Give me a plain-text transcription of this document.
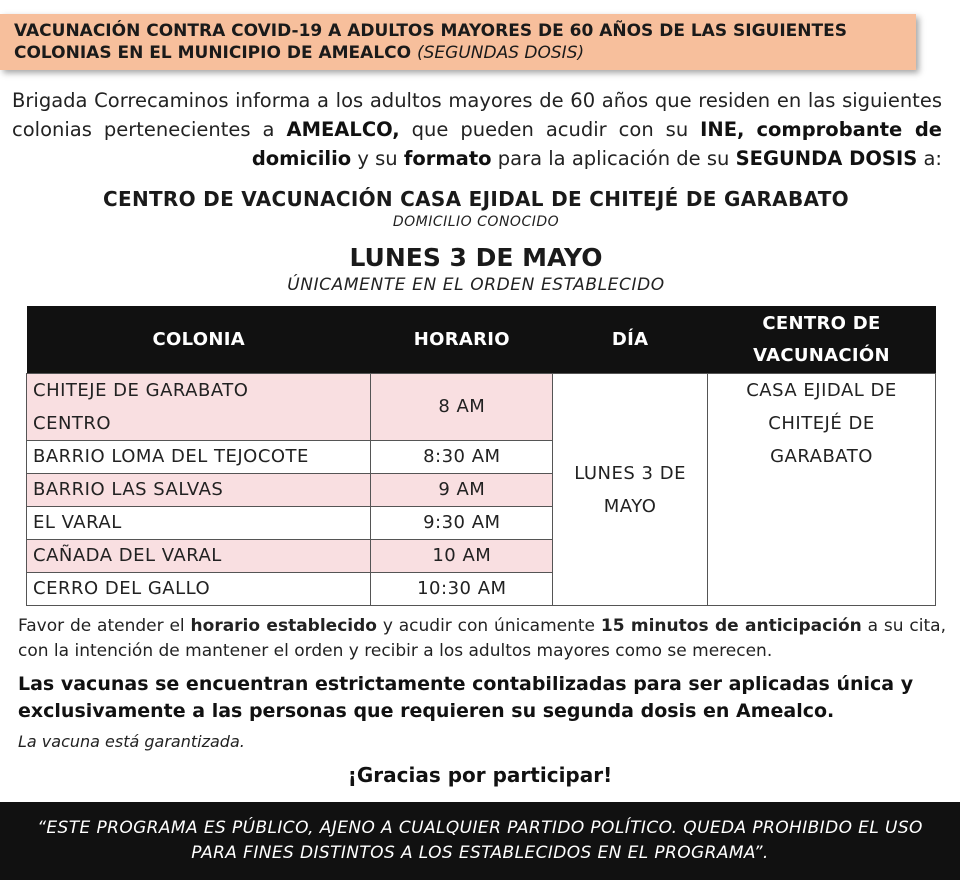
VACUNACIÓN CONTRA COVID-19 A ADULTOS MAYORES DE 60 AÑOS DE LAS SIGUIENTES COLONIAS EN EL MUNICIPIO DE AMEALCO (SEGUNDAS DOSIS)
Brigada Correcaminos informa a los adultos mayores de 60 años que residen en las siguientes colonias pertenecientes a AMEALCO, que pueden acudir con su INE, comprobante de domicilio y su formato para la aplicación de su SEGUNDA DOSIS a:
CENTRO DE VACUNACIÓN CASA EJIDAL DE CHITEJÉ DE GARABATO
DOMICILIO CONOCIDO
LUNES 3 DE MAYO
ÚNICAMENTE EN EL ORDEN ESTABLECIDO
COLONIA	HORARIO	DÍA	CENTRO DE VACUNACIÓN
CHITEJE DE GARABATO CENTRO	8 AM	LUNES 3 DE MAYO	CASA EJIDAL DE CHITEJÉ DE GARABATO
BARRIO LOMA DEL TEJOCOTE	8:30 AM		
BARRIO LAS SALVAS	9 AM		
EL VARAL	9:30 AM		
CAÑADA DEL VARAL	10 AM		
CERRO DEL GALLO	10:30 AM		
Favor de atender el horario establecido y acudir con únicamente 15 minutos de anticipación a su cita, con la intención de mantener el orden y recibir a los adultos mayores como se merecen.
Las vacunas se encuentran estrictamente contabilizadas para ser aplicadas única y exclusivamente a las personas que requieren su segunda dosis en Amealco.
La vacuna está garantizada.
¡Gracias por participar!
“ESTE PROGRAMA ES PÚBLICO, AJENO A CUALQUIER PARTIDO POLÍTICO. QUEDA PROHIBIDO EL USO PARA FINES DISTINTOS A LOS ESTABLECIDOS EN EL PROGRAMA”.
